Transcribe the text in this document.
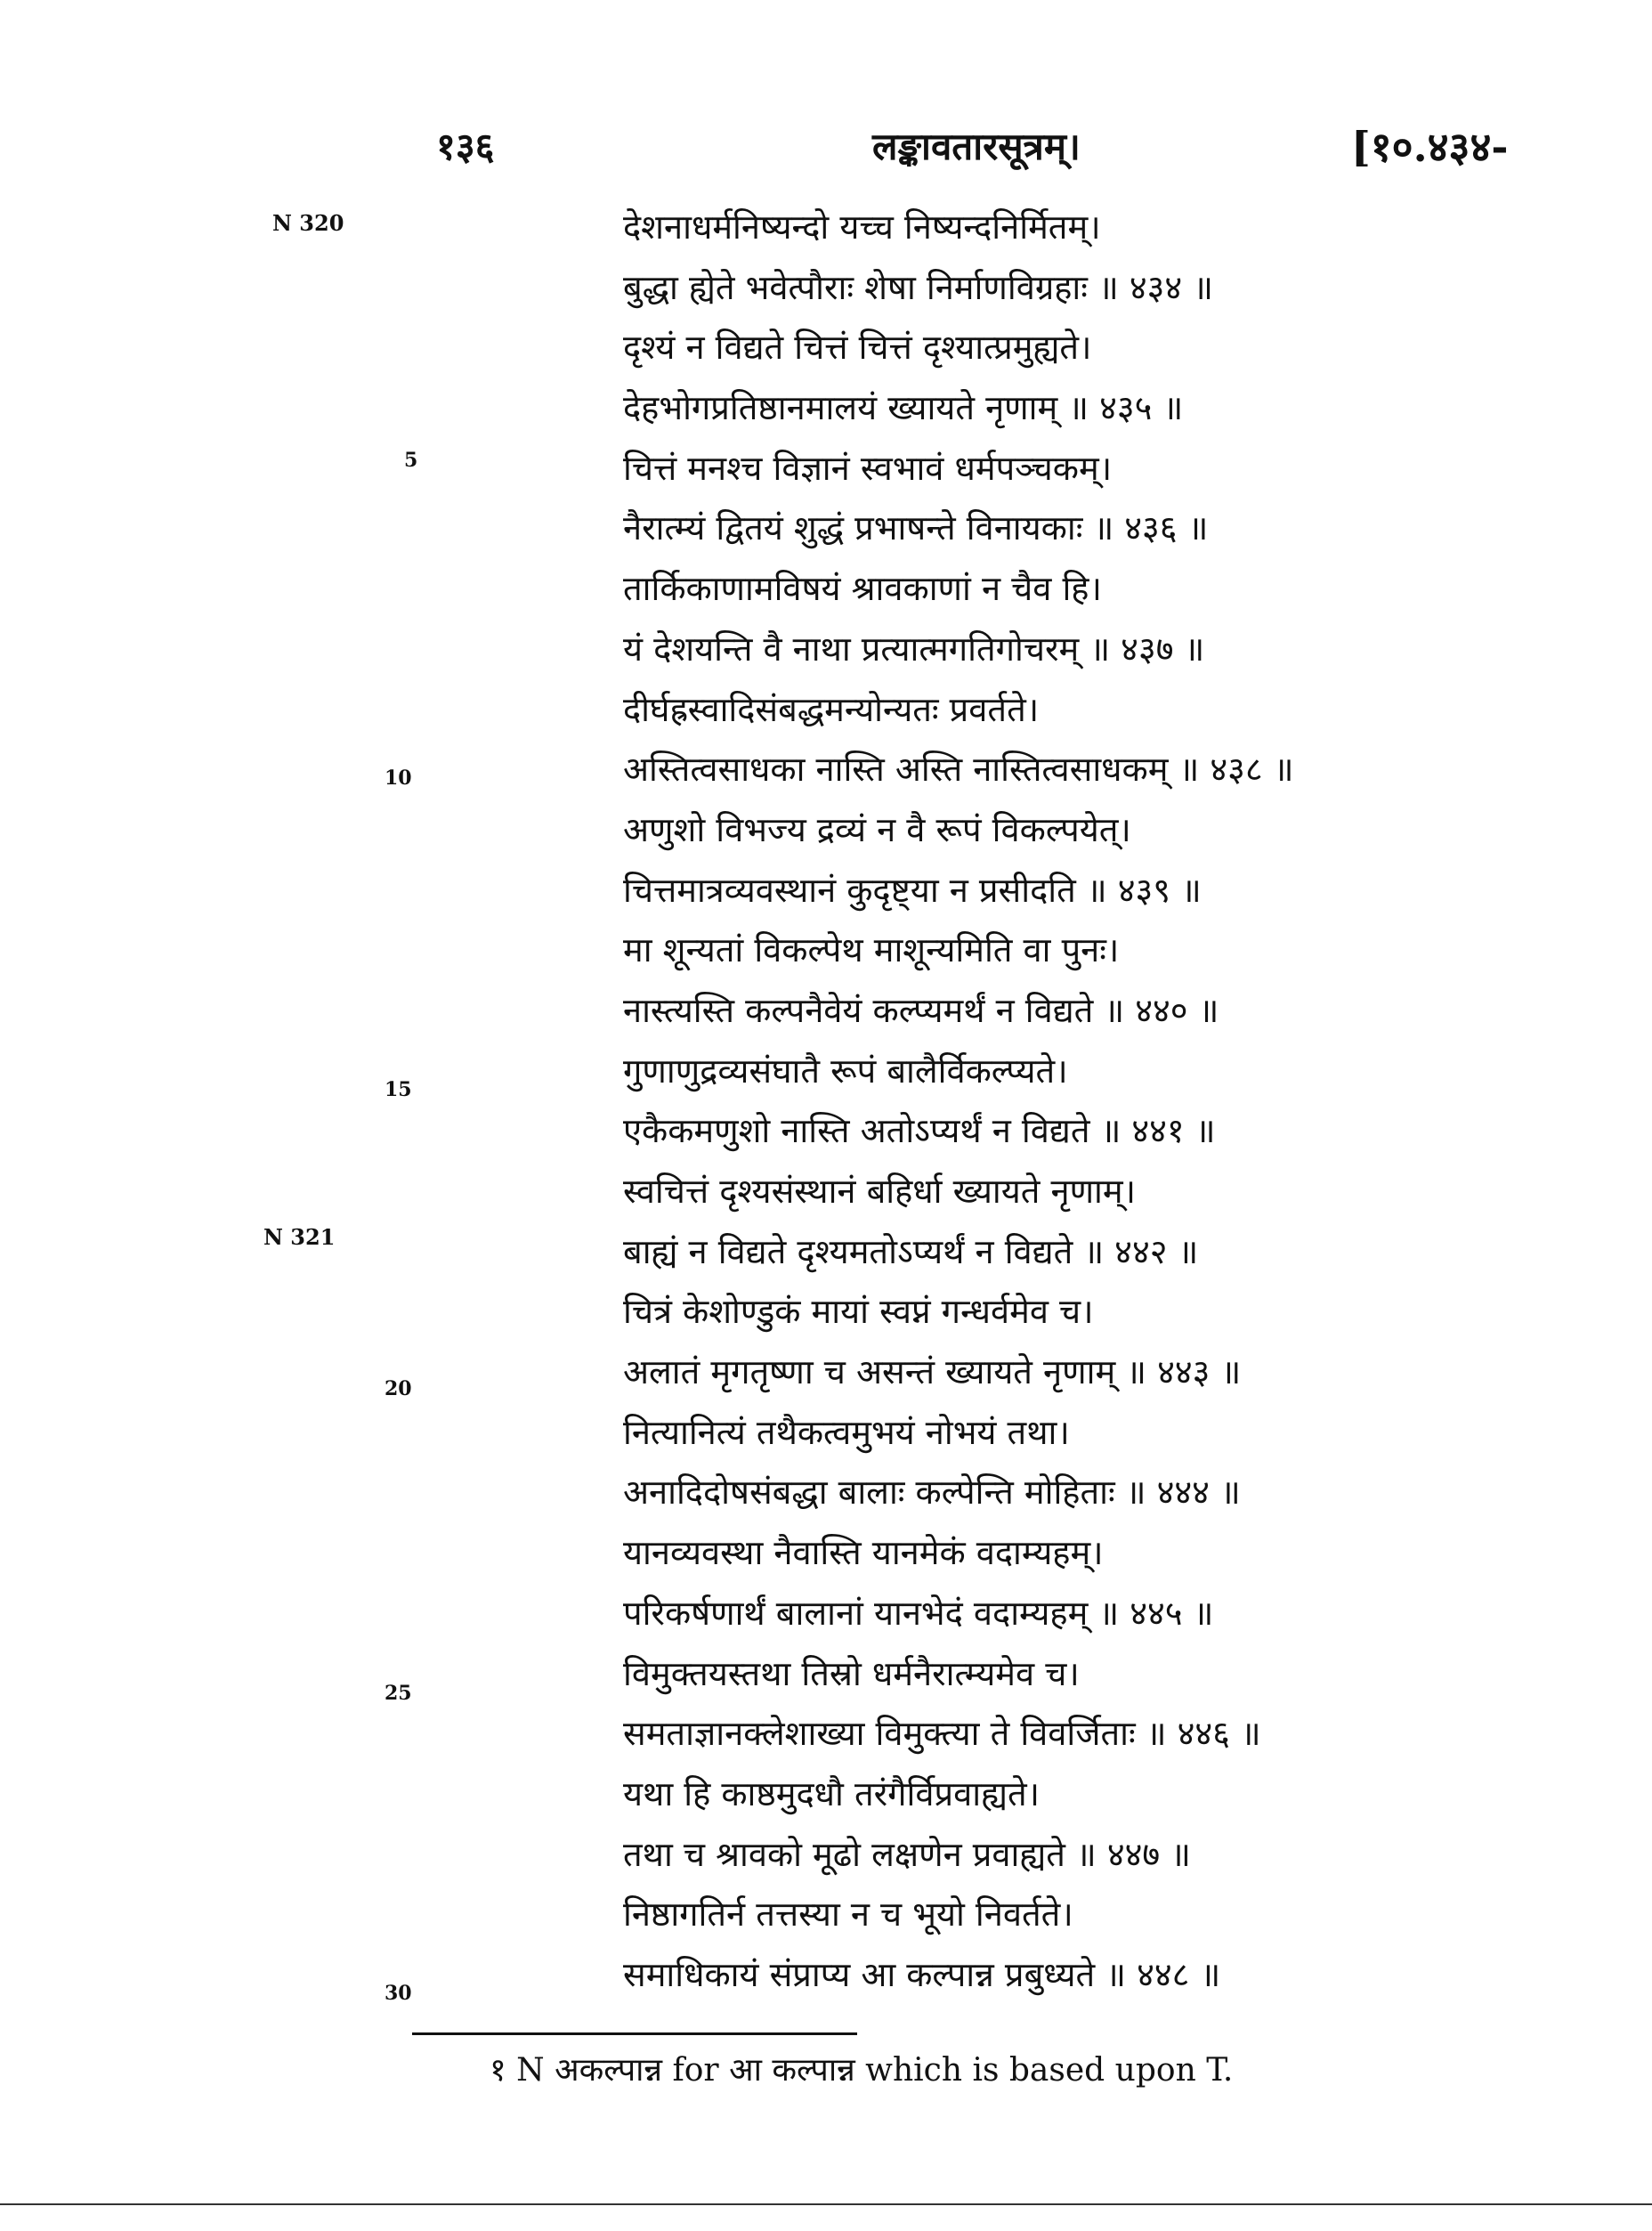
१३६	लङ्कावतारसूत्रम्।	[१०.४३४-
N 320
N 321
5
10
15
20
25
30
देशनाधर्मनिष्यन्दो यच्च निष्यन्दनिर्मितम्।
बुद्धा ह्येते भवेत्पौराः शेषा निर्माणविग्रहाः ॥ ४३४ ॥
दृश्यं न विद्यते चित्तं चित्तं दृश्यात्प्रमुह्यते।
देहभोगप्रतिष्ठानमालयं ख्यायते नृणाम् ॥ ४३५ ॥
चित्तं मनश्च विज्ञानं स्वभावं धर्मपञ्चकम्।
नैरात्म्यं द्वितयं शुद्धं प्रभाषन्ते विनायकाः ॥ ४३६ ॥
तार्किकाणामविषयं श्रावकाणां न चैव हि।
यं देशयन्ति वै नाथा प्रत्यात्मगतिगोचरम् ॥ ४३७ ॥
दीर्घह्रस्वादिसंबद्धमन्योन्यतः प्रवर्तते।
अस्तित्वसाधका नास्ति अस्ति नास्तित्वसाधकम् ॥ ४३८ ॥
अणुशो विभज्य द्रव्यं न वै रूपं विकल्पयेत्।
चित्तमात्रव्यवस्थानं कुदृष्ट्या न प्रसीदति ॥ ४३९ ॥
मा शून्यतां विकल्पेथ माशून्यमिति वा पुनः।
नास्त्यस्ति कल्पनैवेयं कल्प्यमर्थं न विद्यते ॥ ४४० ॥
गुणाणुद्रव्यसंघातै रूपं बालैर्विकल्प्यते।
एकैकमणुशो नास्ति अतोऽप्यर्थं न विद्यते ॥ ४४१ ॥
स्वचित्तं दृश्यसंस्थानं बहिर्धा ख्यायते नृणाम्।
बाह्यं न विद्यते दृश्यमतोऽप्यर्थं न विद्यते ॥ ४४२ ॥
चित्रं केशोण्डुकं मायां स्वप्नं गन्धर्वमेव च।
अलातं मृगतृष्णा च असन्तं ख्यायते नृणाम् ॥ ४४३ ॥
नित्यानित्यं तथैकत्वमुभयं नोभयं तथा।
अनादिदोषसंबद्धा बालाः कल्पेन्ति मोहिताः ॥ ४४४ ॥
यानव्यवस्था नैवास्ति यानमेकं वदाम्यहम्।
परिकर्षणार्थं बालानां यानभेदं वदाम्यहम् ॥ ४४५ ॥
विमुक्तयस्तथा तिस्रो धर्मनैरात्म्यमेव च।
समताज्ञानक्लेशाख्या विमुक्त्या ते विवर्जिताः ॥ ४४६ ॥
यथा हि काष्ठमुदधौ तरंगैर्विप्रवाह्यते।
तथा च श्रावको मूढो लक्षणेन प्रवाह्यते ॥ ४४७ ॥
निष्ठागतिर्न तत्तस्या न च भूयो निवर्तते।
समाधिकायं संप्राप्य आ कल्पान्न प्रबुध्यते ॥ ४४८ ॥
१ N अकल्पान्न for आ कल्पान्न which is based upon T.
